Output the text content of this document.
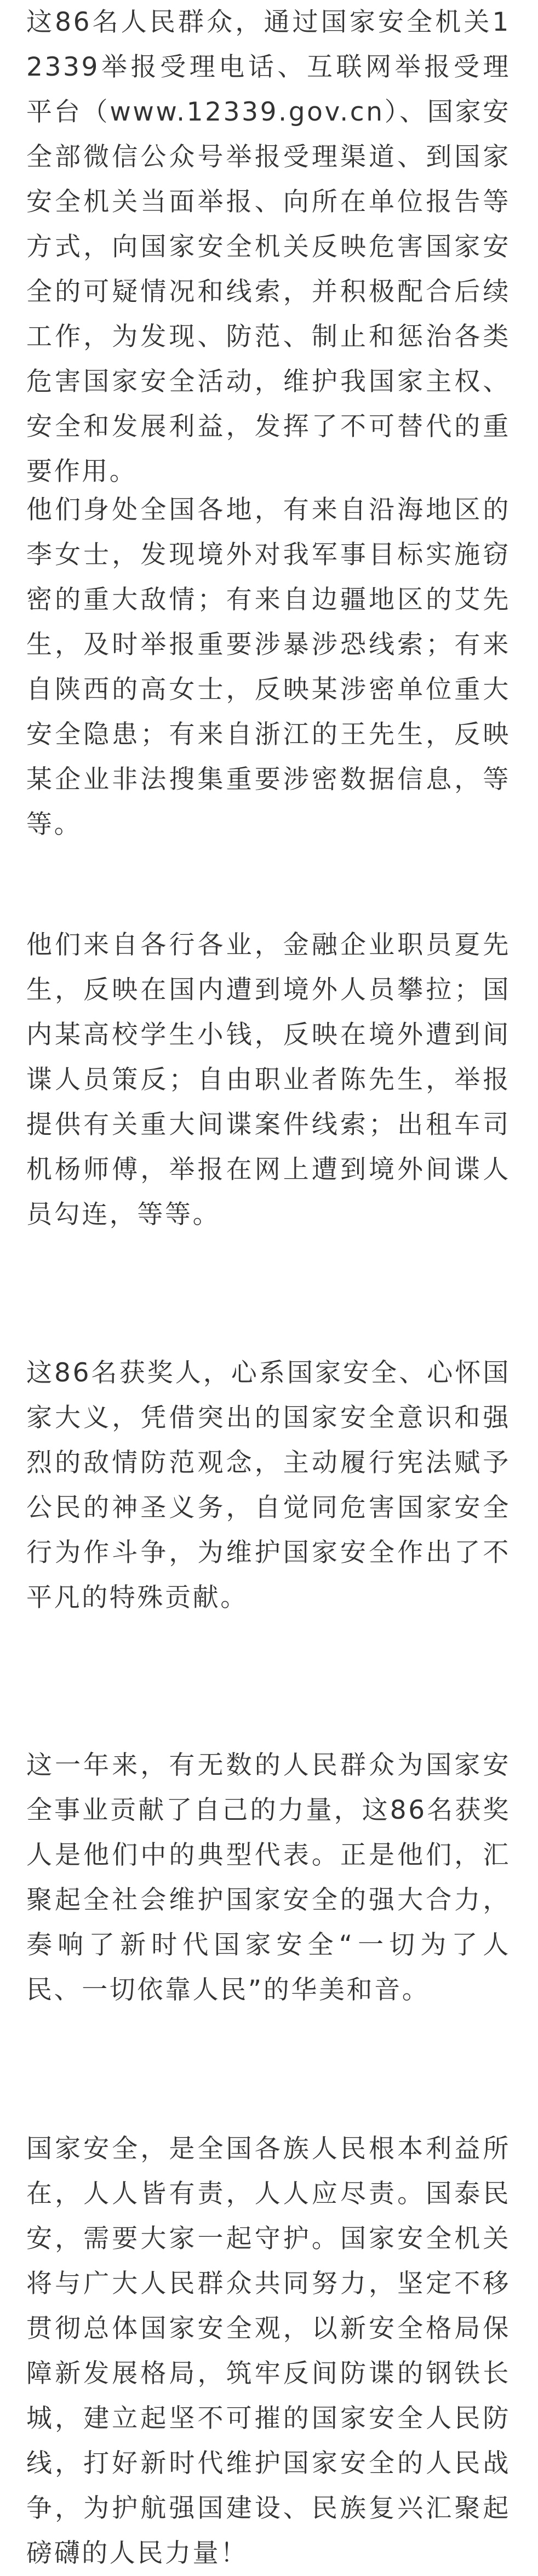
这86名人民群众，通过国家安全机关12339举报受理电话、互联网举报受理平台（www.12339.gov.cn）、国家安全部微信公众号举报受理渠道、到国家安全机关当面举报、向所在单位报告等方式，向国家安全机关反映危害国家安全的可疑情况和线索，并积极配合后续工作，为发现、防范、制止和惩治各类危害国家安全活动，维护我国家主权、安全和发展利益，发挥了不可替代的重要作用。

他们身处全国各地，有来自沿海地区的李女士，发现境外对我军事目标实施窃密的重大敌情；有来自边疆地区的艾先生，及时举报重要涉暴涉恐线索；有来自陕西的高女士，反映某涉密单位重大安全隐患；有来自浙江的王先生，反映某企业非法搜集重要涉密数据信息，等等。

他们来自各行各业，金融企业职员夏先生，反映在国内遭到境外人员攀拉；国内某高校学生小钱，反映在境外遭到间谍人员策反；自由职业者陈先生，举报提供有关重大间谍案件线索；出租车司机杨师傅，举报在网上遭到境外间谍人员勾连，等等。

这86名获奖人，心系国家安全、心怀国家大义，凭借突出的国家安全意识和强烈的敌情防范观念，主动履行宪法赋予公民的神圣义务，自觉同危害国家安全行为作斗争，为维护国家安全作出了不平凡的特殊贡献。

这一年来，有无数的人民群众为国家安全事业贡献了自己的力量，这86名获奖人是他们中的典型代表。正是他们，汇聚起全社会维护国家安全的强大合力，奏响了新时代国家安全“一切为了人民、一切依靠人民”的华美和音。

国家安全，是全国各族人民根本利益所在，人人皆有责，人人应尽责。国泰民安，需要大家一起守护。国家安全机关将与广大人民群众共同努力，坚定不移贯彻总体国家安全观，以新安全格局保障新发展格局，筑牢反间防谍的钢铁长城，建立起坚不可摧的国家安全人民防线，打好新时代维护国家安全的人民战争，为护航强国建设、民族复兴汇聚起磅礴的人民力量！
